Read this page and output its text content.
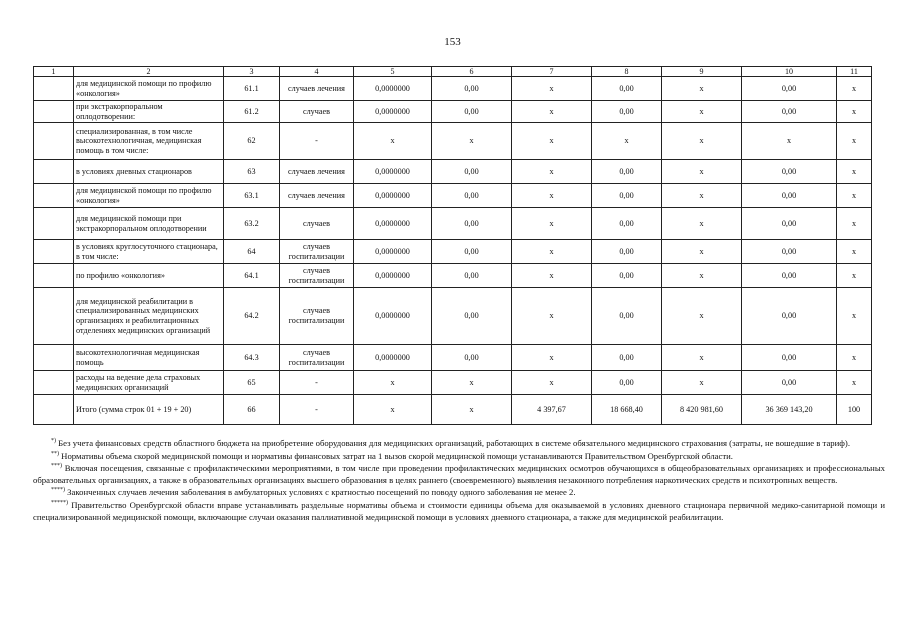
153
1	2	3	4	5	6	7	8	9	10	11
	для медицинской помощи по профилю «онкология»	61.1	случаев лечения	0,0000000	0,00	x	0,00	x	0,00	x
	при экстракорпоральном оплодотворении:	61.2	случаев	0,0000000	0,00	x	0,00	x	0,00	x
	специализированная, в том числе высокотехнологичная, медицинская помощь в том числе:	62	-	x	x	x	x	x	x	x
	в условиях дневных стационаров	63	случаев лечения	0,0000000	0,00	x	0,00	x	0,00	x
	для медицинской помощи по профилю «онкология»	63.1	случаев лечения	0,0000000	0,00	x	0,00	x	0,00	x
	для медицинской помощи при экстракорпоральном оплодотворении	63.2	случаев	0,0000000	0,00	x	0,00	x	0,00	x
	в условиях круглосуточного стационара, в том числе:	64	случаев госпитализации	0,0000000	0,00	x	0,00	x	0,00	x
	по профилю «онкология»	64.1	случаев госпитализации	0,0000000	0,00	x	0,00	x	0,00	x
	для медицинской реабилитации в специализированных медицинских организациях и реабилитационных отделениях медицинских организаций	64.2	случаев госпитализации	0,0000000	0,00	x	0,00	x	0,00	x
	высокотехнологичная медицинская помощь	64.3	случаев госпитализации	0,0000000	0,00	x	0,00	x	0,00	x
	расходы на ведение дела страховых медицинских организаций	65	-	x	x	x	0,00	x	0,00	x
	Итого (сумма строк 01 + 19 + 20)	66	-	x	x	4 397,67	18 668,40	8 420 981,60	36 369 143,20	100

*) Без учета финансовых средств областного бюджета на приобретение оборудования для медицинских организаций, работающих в системе обязательного медицинского страхования (затраты, не вошедшие в тариф).

**) Нормативы объема скорой медицинской помощи и нормативы финансовых затрат на 1 вызов скорой медицинской помощи устанавливаются Правительством Оренбургской области.

***) Включая посещения, связанные с профилактическими мероприятиями, в том числе при проведении профилактических медицинских осмотров обучающихся в общеобразовательных организациях и профессиональных образовательных организациях, а также в образовательных организациях высшего образования в целях раннего (своевременного) выявления незаконного потребления наркотических средств и психотропных веществ.

****) Законченных случаев лечения заболевания в амбулаторных условиях с кратностью посещений по поводу одного заболевания не менее 2.

*****) Правительство Оренбургской области вправе устанавливать раздельные нормативы объема и стоимости единицы объема для оказываемой в условиях дневного стационара первичной медико-санитарной помощи и специализированной медицинской помощи, включающие случаи оказания паллиативной медицинской помощи в условиях дневного стационара, а также для медицинской реабилитации.
